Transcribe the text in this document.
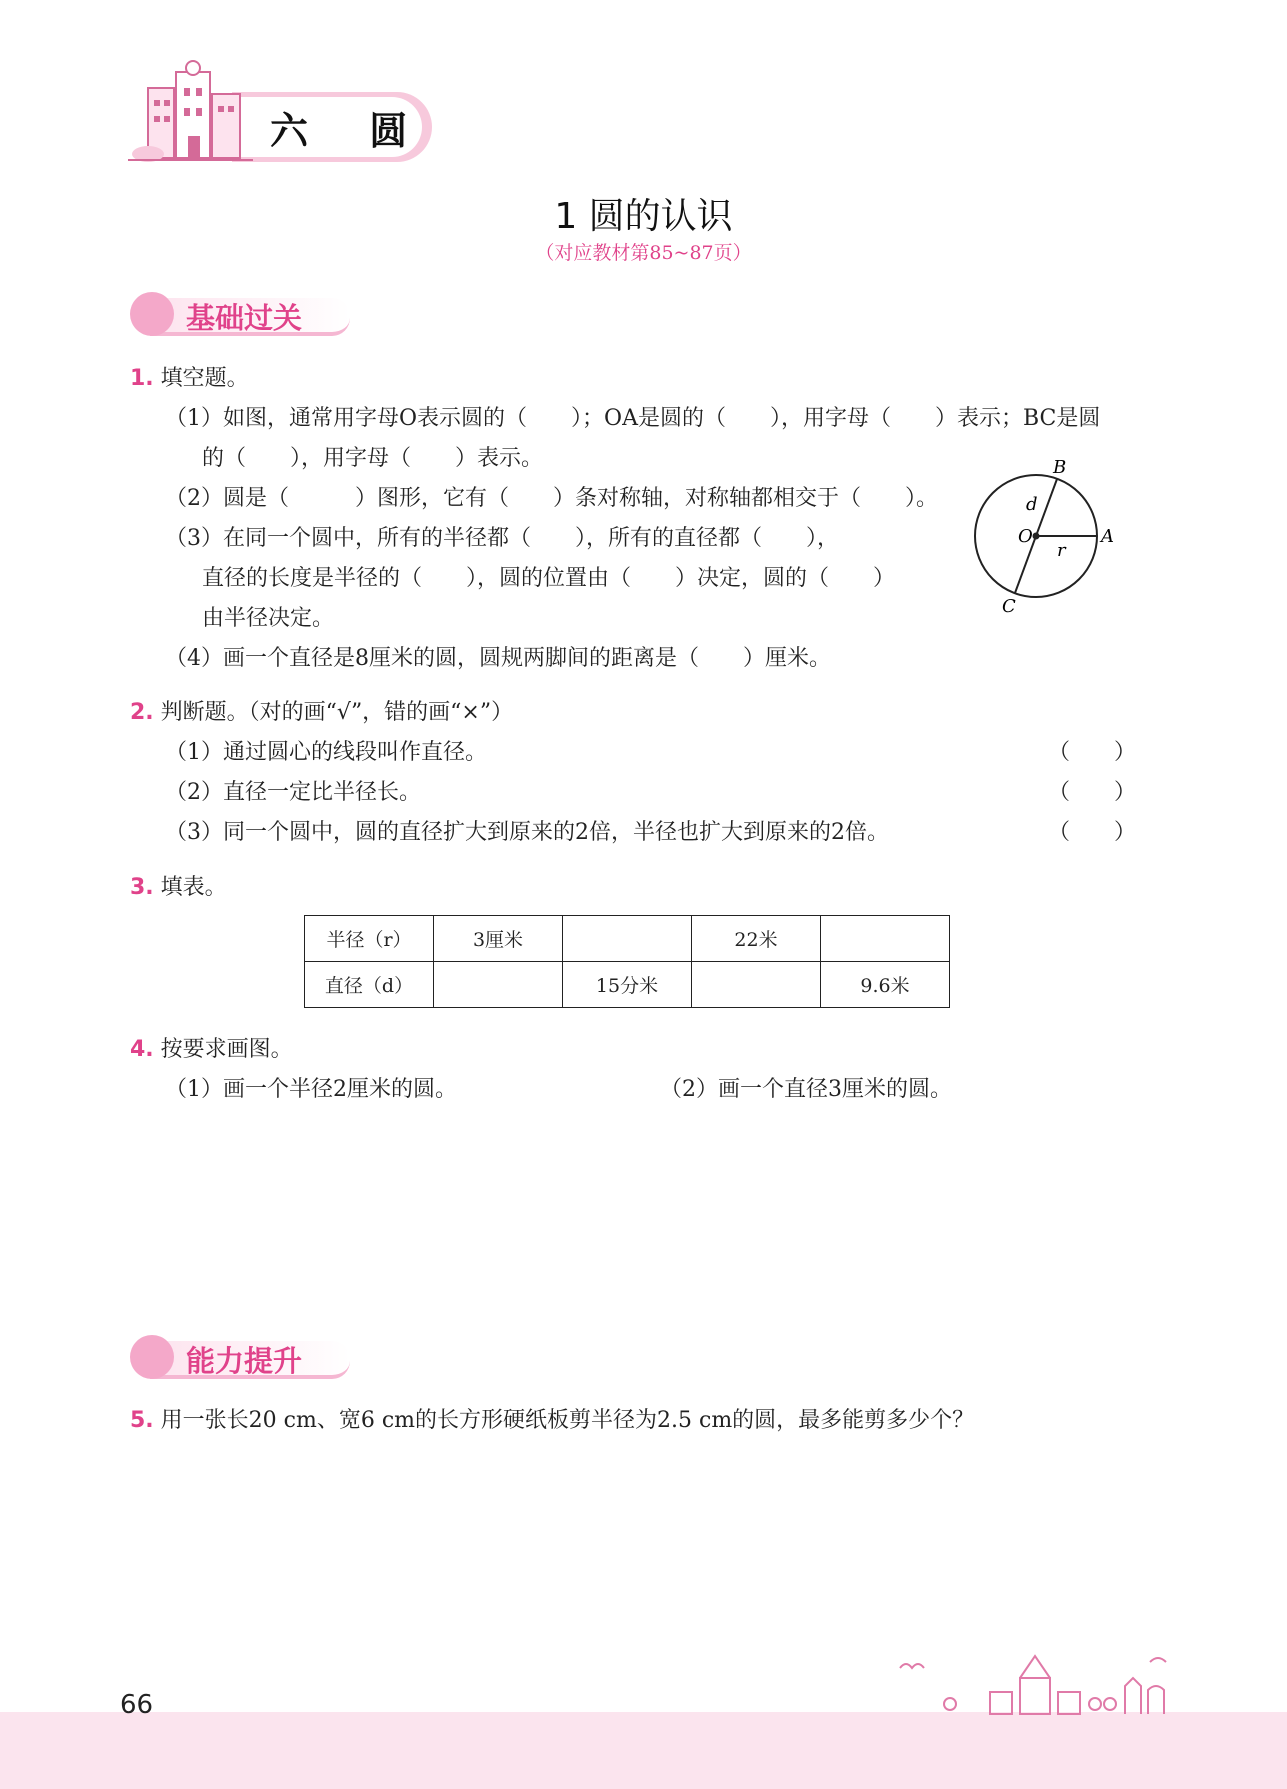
六 圆
1 圆的认识
（对应教材第85~87页）
基础过关
1. 填空题。
（1）如图，通常用字母O表示圆的（　　）；OA是圆的（　　），用字母（　　）表示；BC是圆
的（　　），用字母（　　）表示。
（2）圆是（　　　）图形，它有（　　）条对称轴，对称轴都相交于（　　）。
（3）在同一个圆中，所有的半径都（　　），所有的直径都（　　），
直径的长度是半径的（　　），圆的位置由（　　）决定，圆的（　　）
由半径决定。
（4）画一个直径是8厘米的圆，圆规两脚间的距离是（　　）厘米。
B
d
O	A
r
C
2. 判断题。（对的画“√”，错的画“×”）
（1）通过圆心的线段叫作直径。	（　　）
（2）直径一定比半径长。	（　　）
（3）同一个圆中，圆的直径扩大到原来的2倍，半径也扩大到原来的2倍。	（　　）
3. 填表。
半径（r）	3厘米		22米	
直径（d）		15分米		9.6米
4. 按要求画图。
（1）画一个半径2厘米的圆。	（2）画一个直径3厘米的圆。
能力提升
5. 用一张长20 cm、宽6 cm的长方形硬纸板剪半径为2.5 cm的圆，最多能剪多少个？
66
